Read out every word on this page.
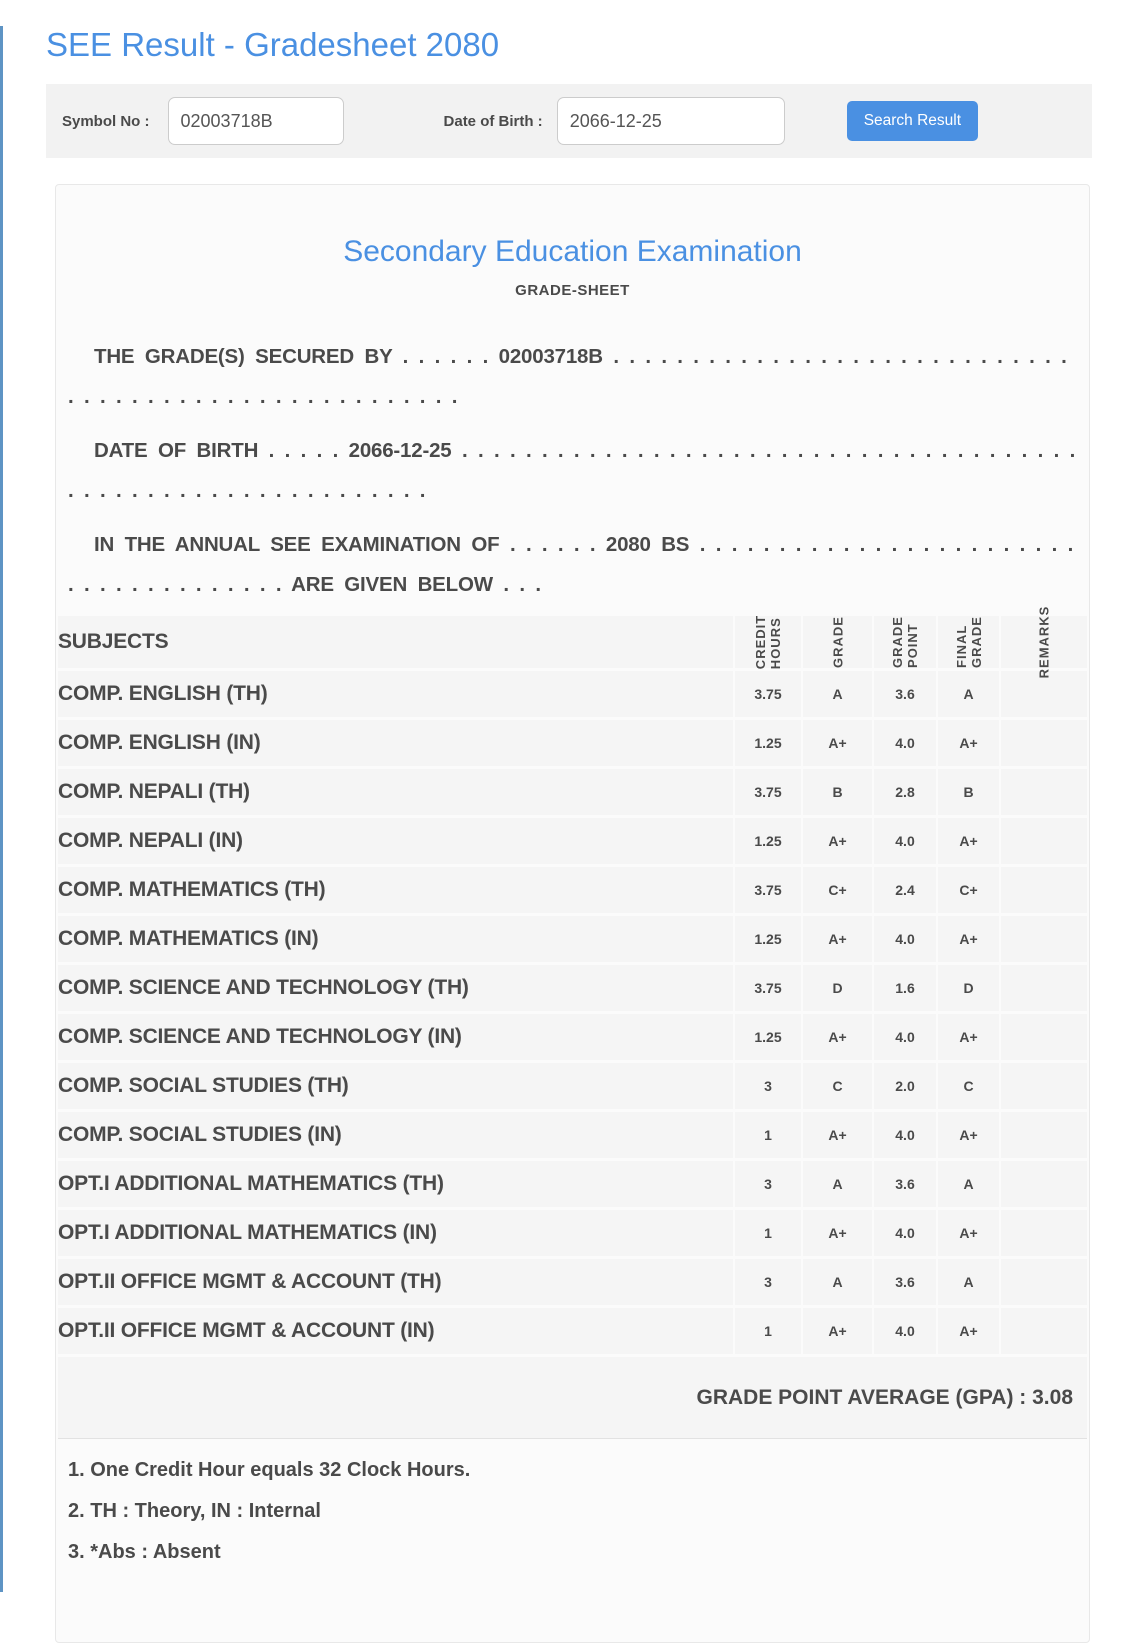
SEE Result - Gradesheet 2080
Symbol No :
02003718B	Date of Birth :
2066-12-25	Search Result
Secondary Education Examination
GRADE-SHEET

THE GRADE(S) SECURED BY . . . . . . 02003718B . . . . . . . . . . . . . . . . . . . . . . . . . . . . . . . . . . . . . . . . . . . . . . . . . . . . . .

DATE OF BIRTH . . . . . 2066-12-25 . . . . . . . . . . . . . . . . . . . . . . . . . . . . . . . . . . . . . . . . . . . . . . . . . . . . . . . . . . . . . .

IN THE ANNUAL SEE EXAMINATION OF . . . . . . 2080 BS . . . . . . . . . . . . . . . . . . . . . . . . . . . . . . . . . . . . . . ARE GIVEN BELOW . . .

SUBJECTS	CREDIT HOURS	GRADE	GRADE POINT	FINAL GRADE	REMARKS

COMP. ENGLISH (TH)	3.75	A	3.6	A	
COMP. ENGLISH (IN)	1.25	A+	4.0	A+	
COMP. NEPALI (TH)	3.75	B	2.8	B	
COMP. NEPALI (IN)	1.25	A+	4.0	A+	
COMP. MATHEMATICS (TH)	3.75	C+	2.4	C+	
COMP. MATHEMATICS (IN)	1.25	A+	4.0	A+	
COMP. SCIENCE AND TECHNOLOGY (TH)	3.75	D	1.6	D	
COMP. SCIENCE AND TECHNOLOGY (IN)	1.25	A+	4.0	A+	
COMP. SOCIAL STUDIES (TH)	3	C	2.0	C	
COMP. SOCIAL STUDIES (IN)	1	A+	4.0	A+	
OPT.I ADDITIONAL MATHEMATICS (TH)	3	A	3.6	A	
OPT.I ADDITIONAL MATHEMATICS (IN)	1	A+	4.0	A+	
OPT.II OFFICE MGMT & ACCOUNT (TH)	3	A	3.6	A	
OPT.II OFFICE MGMT & ACCOUNT (IN)	1	A+	4.0	A+	
GRADE POINT AVERAGE (GPA) : 3.08
1. One Credit Hour equals 32 Clock Hours.
2. TH : Theory, IN : Internal
3. *Abs : Absent
